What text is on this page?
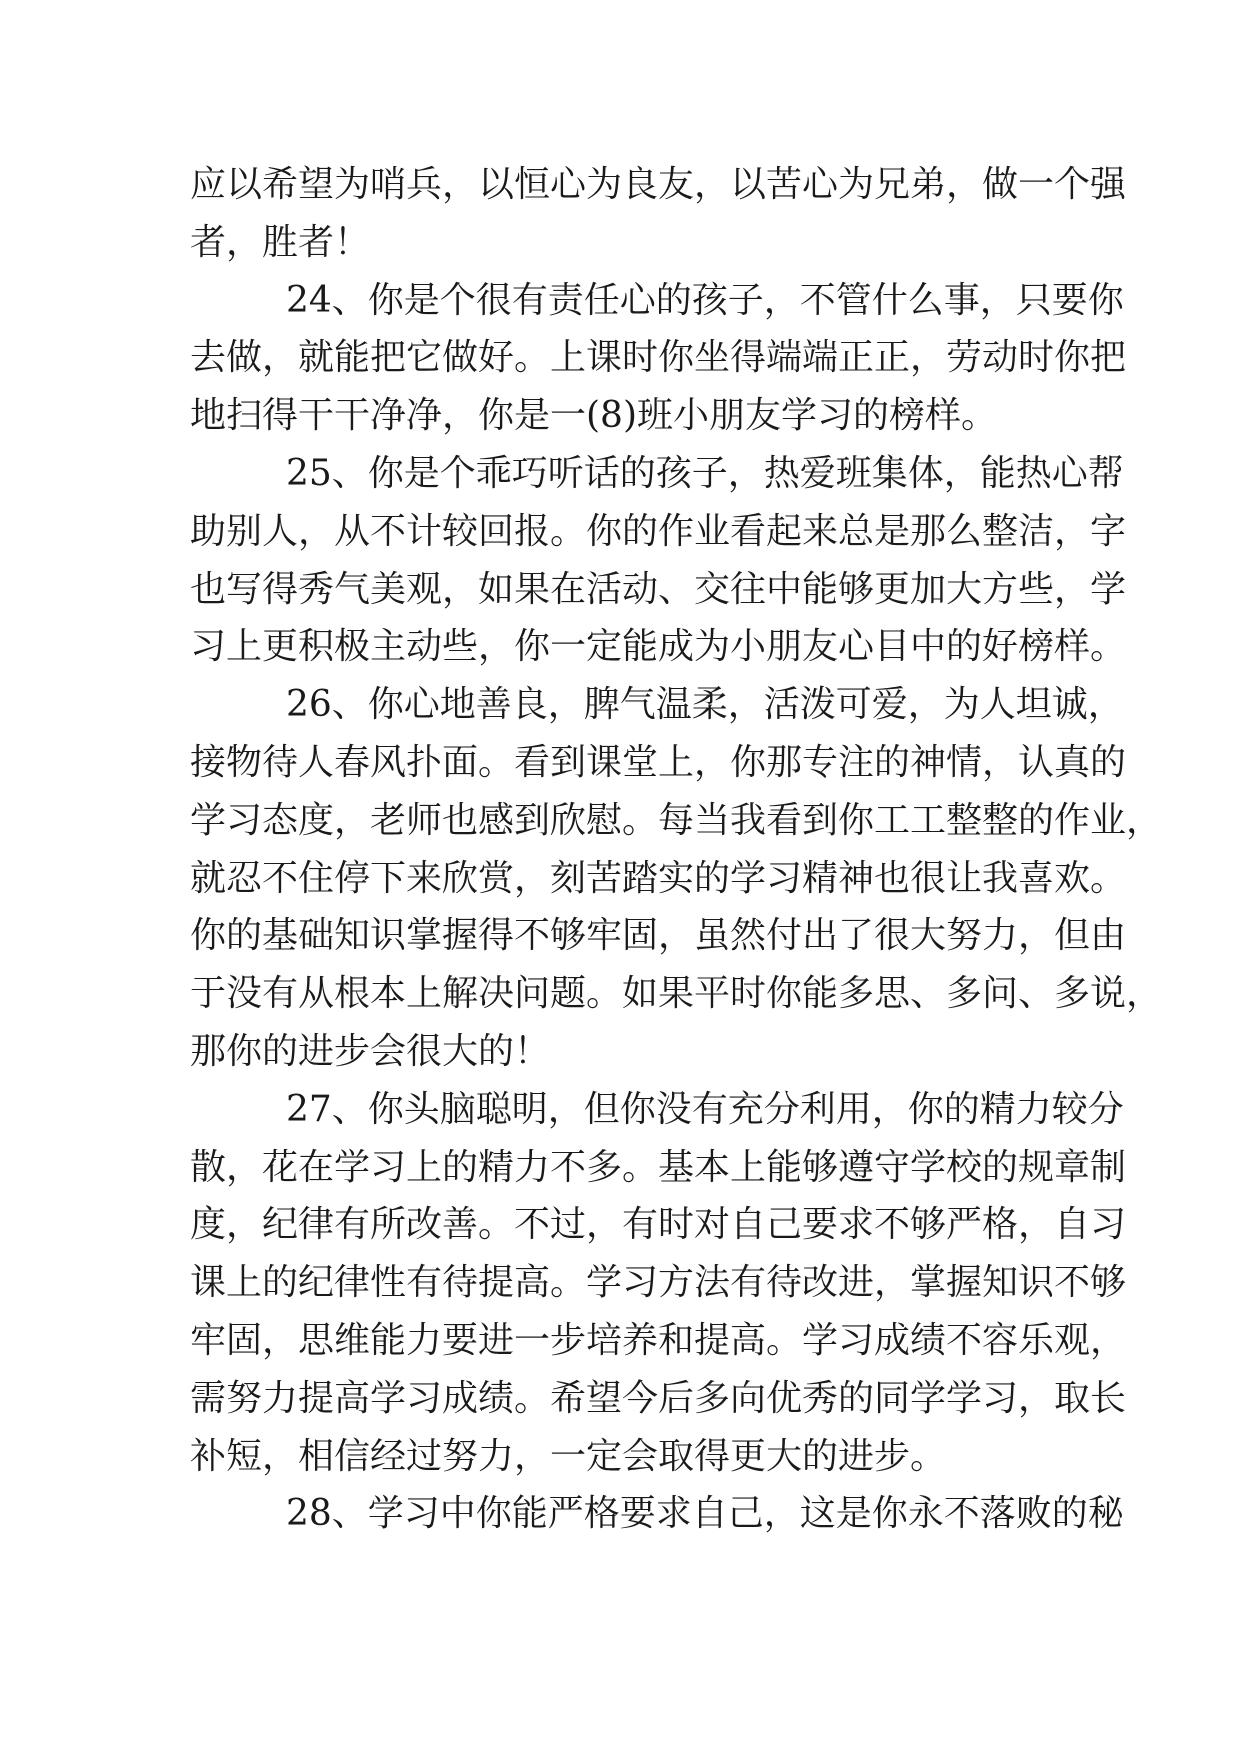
应以希望为哨兵，以恒心为良友，以苦心为兄弟，做一个强
者，胜者！
24、你是个很有责任心的孩子，不管什么事，只要你
去做，就能把它做好。上课时你坐得端端正正，劳动时你把
地扫得干干净净，你是一(8)班小朋友学习的榜样。
25、你是个乖巧听话的孩子，热爱班集体，能热心帮
助别人，从不计较回报。你的作业看起来总是那么整洁，字
也写得秀气美观，如果在活动、交往中能够更加大方些，学
习上更积极主动些，你一定能成为小朋友心目中的好榜样。
26、你心地善良，脾气温柔，活泼可爱，为人坦诚，
接物待人春风扑面。看到课堂上，你那专注的神情，认真的
学习态度，老师也感到欣慰。每当我看到你工工整整的作业，
就忍不住停下来欣赏，刻苦踏实的学习精神也很让我喜欢。
你的基础知识掌握得不够牢固，虽然付出了很大努力，但由
于没有从根本上解决问题。如果平时你能多思、多问、多说，
那你的进步会很大的！
27、你头脑聪明，但你没有充分利用，你的精力较分
散，花在学习上的精力不多。基本上能够遵守学校的规章制
度，纪律有所改善。不过，有时对自己要求不够严格，自习
课上的纪律性有待提高。学习方法有待改进，掌握知识不够
牢固，思维能力要进一步培养和提高。学习成绩不容乐观，
需努力提高学习成绩。希望今后多向优秀的同学学习，取长
补短，相信经过努力，一定会取得更大的进步。
28、学习中你能严格要求自己，这是你永不落败的秘
